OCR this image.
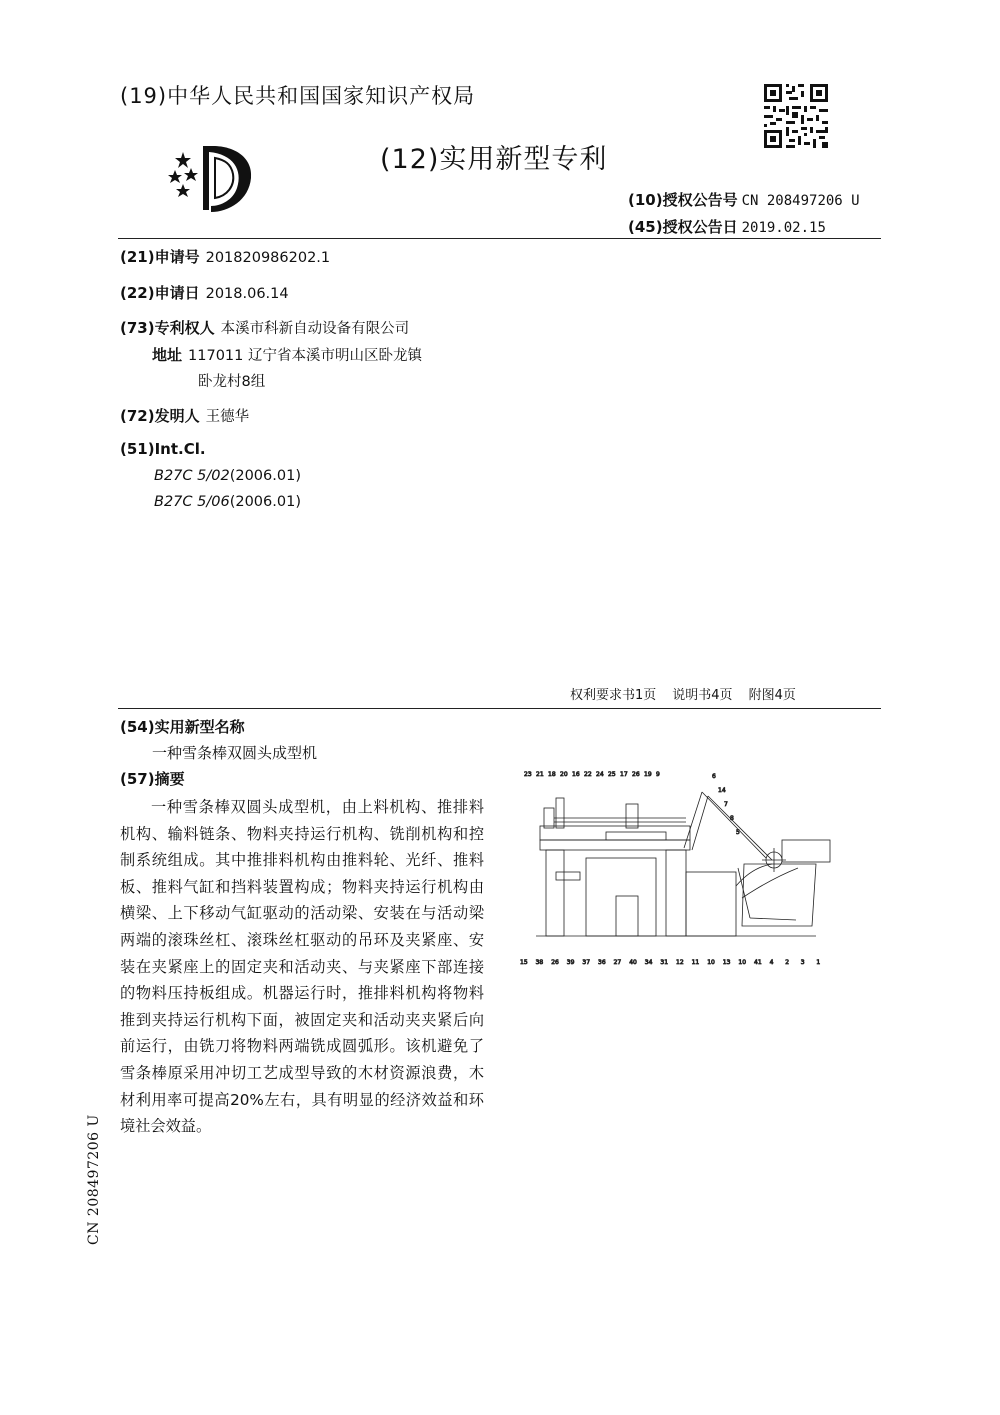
(19)中华人民共和国国家知识产权局
(12)实用新型专利
(10)授权公告号 CN 208497206 U
(45)授权公告日 2019.02.15
(21)申请号 201820986202.1
(22)申请日 2018.06.14
(73)专利权人 本溪市科新自动设备有限公司
地址 117011 辽宁省本溪市明山区卧龙镇
卧龙村8组
(72)发明人 王德华
(51)Int.Cl.
B27C 5/02(2006.01)
B27C 5/06(2006.01)
权利要求书1页 说明书4页 附图4页
(54)实用新型名称
一种雪条棒双圆头成型机
(57)摘要
一种雪条棒双圆头成型机，由上料机构、推排料机构、输料链条、物料夹持运行机构、铣削机构和控制系统组成。其中推排料机构由推料轮、光纤、推料板、推料气缸和挡料装置构成；物料夹持运行机构由横梁、上下移动气缸驱动的活动梁、安装在与活动梁两端的滚珠丝杠、滚珠丝杠驱动的吊环及夹紧座、安装在夹紧座上的固定夹和活动夹、与夹紧座下部连接的物料压持板组成。机器运行时，推排料机构将物料推到夹持运行机构下面，被固定夹和活动夹夹紧后向前运行，由铣刀将物料两端铣成圆弧形。该机避免了雪条棒原采用冲切工艺成型导致的木材资源浪费，木材利用率可提高20%左右，具有明显的经济效益和环境社会效益。
23 21 18 20 16 22 24 25 17 26 19 9	6
14
7
8
5
15 38 26 39 37 36 27 40 34 31 12 11 10 13 10 41 4 2 3 1
CN 208497206 U
